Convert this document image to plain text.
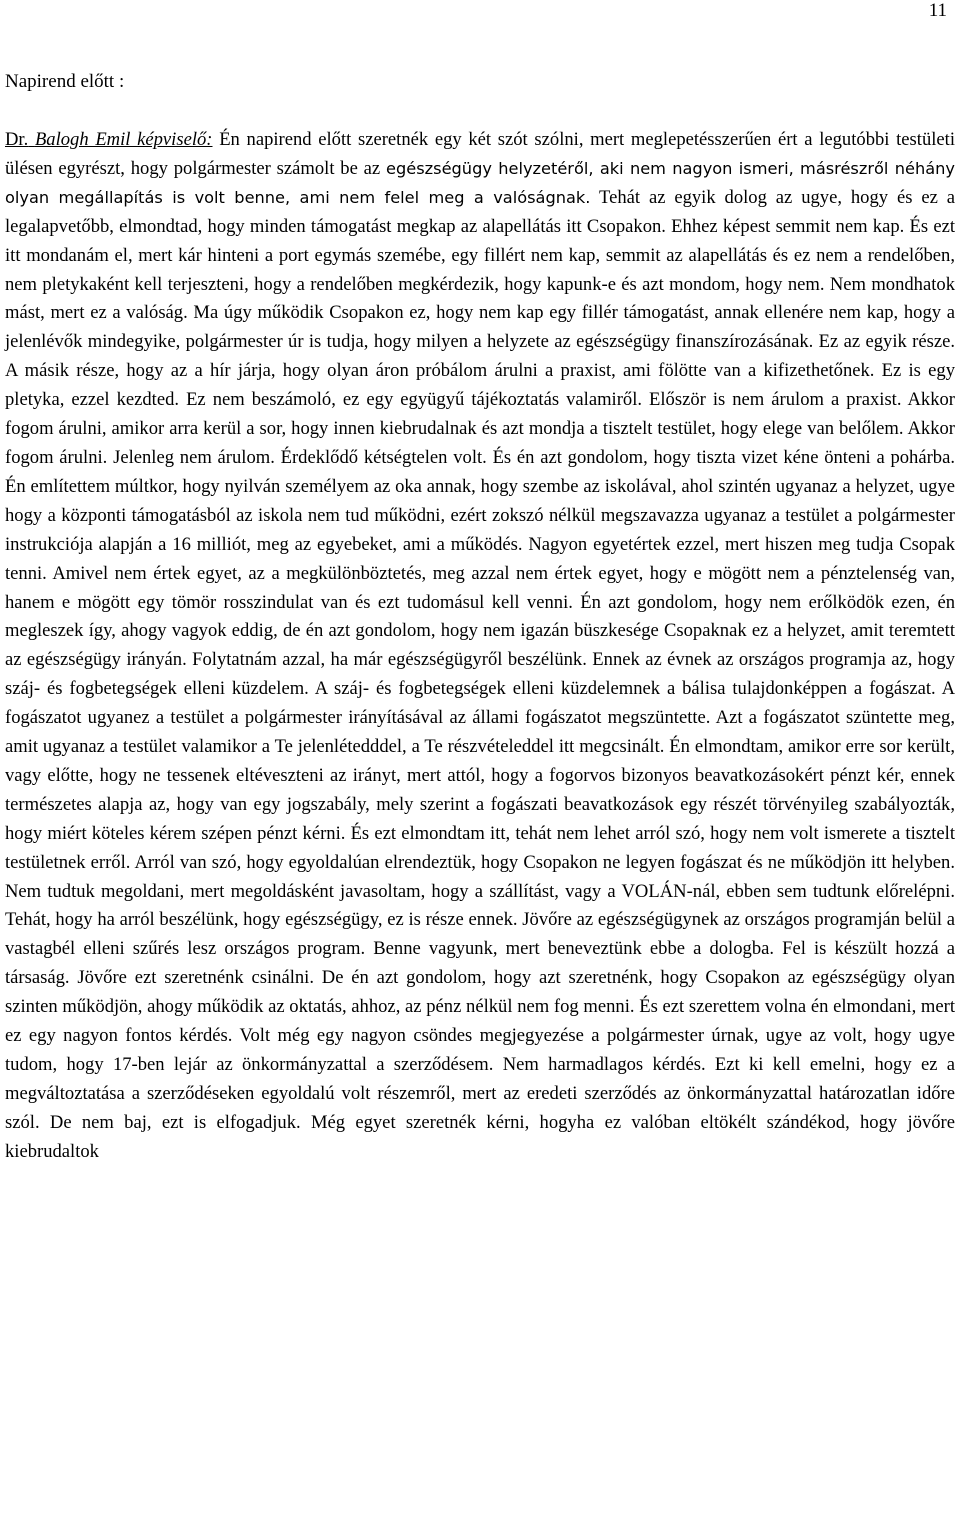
11
Napirend előtt :

Dr. Balogh Emil képviselő: Én napirend előtt szeretnék egy két szót szólni, mert meglepetésszerűen ért a legutóbbi testületi ülésen egyrészt, hogy polgármester számolt be az egészségügy helyzetéről, aki nem nagyon ismeri, másrészről néhány olyan megállapítás is volt benne, ami nem felel meg a valóságnak. Tehát az egyik dolog az ugye, hogy és ez a legalapvetőbb, elmondtad, hogy minden támogatást megkap az alapellátás itt Csopakon. Ehhez képest semmit nem kap. És ezt itt mondanám el, mert kár hinteni a port egymás szemébe, egy fillért nem kap, semmit az alapellátás és ez nem a rendelőben, nem pletykaként kell terjeszteni, hogy a rendelőben megkérdezik, hogy kapunk-e és azt mondom, hogy nem. Nem mondhatok mást, mert ez a valóság. Ma úgy működik Csopakon ez, hogy nem kap egy fillér támogatást, annak ellenére nem kap, hogy a jelenlévők mindegyike, polgármester úr is tudja, hogy milyen a helyzete az egészségügy finanszírozásának. Ez az egyik része. A másik része, hogy az a hír járja, hogy olyan áron próbálom árulni a praxist, ami fölötte van a kifizethetőnek. Ez is egy pletyka, ezzel kezdted. Ez nem beszámoló, ez egy együgyű tájékoztatás valamiről. Először is nem árulom a praxist. Akkor fogom árulni, amikor arra kerül a sor, hogy innen kiebrudalnak és azt mondja a tisztelt testület, hogy elege van belőlem. Akkor fogom árulni. Jelenleg nem árulom. Érdeklődő kétségtelen volt. És én azt gondolom, hogy tiszta vizet kéne önteni a pohárba. Én említettem múltkor, hogy nyilván személyem az oka annak, hogy szembe az iskolával, ahol szintén ugyanaz a helyzet, ugye hogy a központi támogatásból az iskola nem tud működni, ezért zokszó nélkül megszavazza ugyanaz a testület a polgármester instrukciója alapján a 16 milliót, meg az egyebeket, ami a működés. Nagyon egyetértek ezzel, mert hiszen meg tudja Csopak tenni. Amivel nem értek egyet, az a megkülönböztetés, meg azzal nem értek egyet, hogy e mögött nem a pénztelenség van, hanem e mögött egy tömör rosszindulat van és ezt tudomásul kell venni. Én azt gondolom, hogy nem erőlködök ezen, én megleszek így, ahogy vagyok eddig, de én azt gondolom, hogy nem igazán büszkesége Csopaknak ez a helyzet, amit teremtett az egészségügy irányán. Folytatnám azzal, ha már egészségügyről beszélünk. Ennek az évnek az országos programja az, hogy száj- és fogbetegségek elleni küzdelem. A száj- és fogbetegségek elleni küzdelemnek a bálisa tulajdonképpen a fogászat. A fogászatot ugyanez a testület a polgármester irányításával az állami fogászatot megszüntette. Azt a fogászatot szüntette meg, amit ugyanaz a testület valamikor a Te jelenlétedddel, a Te részvételeddel itt megcsinált. Én elmondtam, amikor erre sor került, vagy előtte, hogy ne tessenek eltéveszteni az irányt, mert attól, hogy a fogorvos bizonyos beavatkozásokért pénzt kér, ennek természetes alapja az, hogy van egy jogszabály, mely szerint a fogászati beavatkozások egy részét törvényileg szabályozták, hogy miért köteles kérem szépen pénzt kérni. És ezt elmondtam itt, tehát nem lehet arról szó, hogy nem volt ismerete a tisztelt testületnek erről. Arról van szó, hogy egyoldalúan elrendeztük, hogy Csopakon ne legyen fogászat és ne működjön itt helyben. Nem tudtuk megoldani, mert megoldásként javasoltam, hogy a szállítást, vagy a VOLÁN-nál, ebben sem tudtunk előrelépni. Tehát, hogy ha arról beszélünk, hogy egészségügy, ez is része ennek. Jövőre az egészségügynek az országos programján belül a vastagbél elleni szűrés lesz országos program. Benne vagyunk, mert beneveztünk ebbe a dologba. Fel is készült hozzá a társaság. Jövőre ezt szeretnénk csinálni. De én azt gondolom, hogy azt szeretnénk, hogy Csopakon az egészségügy olyan szinten működjön, ahogy működik az oktatás, ahhoz, az pénz nélkül nem fog menni. És ezt szerettem volna én elmondani, mert ez egy nagyon fontos kérdés. Volt még egy nagyon csöndes megjegyezése a polgármester úrnak, ugye az volt, hogy ugye tudom, hogy 17-ben lejár az önkormányzattal a szerződésem. Nem harmadlagos kérdés. Ezt ki kell emelni, hogy ez a megváltoztatása a szerződéseken egyoldalú volt részemről, mert az eredeti szerződés az önkormányzattal határozatlan időre szól. De nem baj, ezt is elfogadjuk. Még egyet szeretnék kérni, hogyha ez valóban eltökélt szándékod, hogy jövőre kiebrudaltok
